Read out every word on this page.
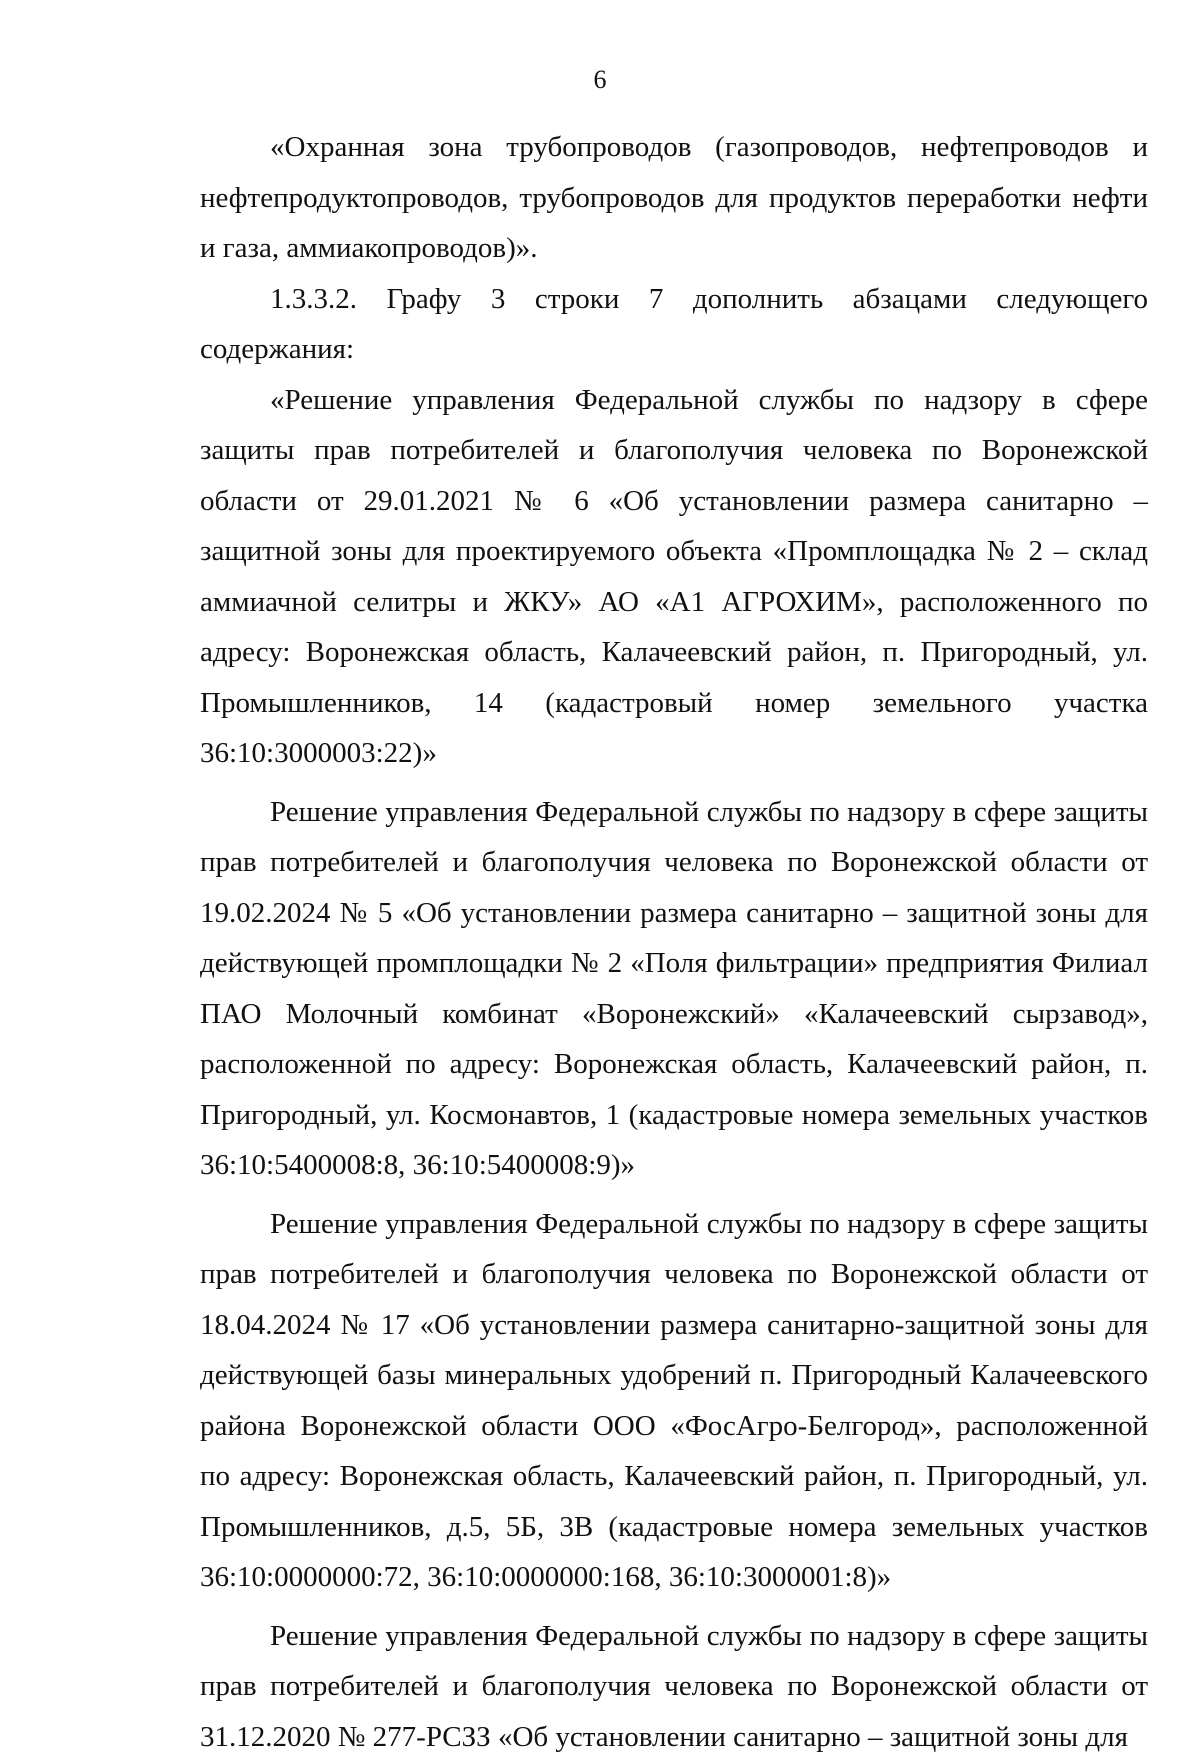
6

«Охранная зона трубопроводов (газопроводов, нефтепроводов и нефтепродуктопроводов, трубопроводов для продуктов переработки нефти и газа, аммиакопроводов)».

1.3.3.2. Графу 3 строки 7 дополнить абзацами следующего содержания:

«Решение управления Федеральной службы по надзору в сфере защиты прав потребителей и благополучия человека по Воронежской области от 29.01.2021 № 6 «Об установлении размера санитарно – защитной зоны для проектируемого объекта «Промплощадка № 2 – склад аммиачной селитры и ЖКУ» АО «А1 АГРОХИМ», расположенного по адресу: Воронежская область, Калачеевский район, п. Пригородный, ул. Промышленников, 14 (кадастровый номер земельного участка 36:10:3000003:22)»

Решение управления Федеральной службы по надзору в сфере защиты прав потребителей и благополучия человека по Воронежской области от 19.02.2024 № 5 «Об установлении размера санитарно – защитной зоны для действующей промплощадки № 2 «Поля фильтрации» предприятия Филиал ПАО Молочный комбинат «Воронежский» «Калачеевский сырзавод», расположенной по адресу: Воронежская область, Калачеевский район, п. Пригородный, ул. Космонавтов, 1 (кадастровые номера земельных участков 36:10:5400008:8, 36:10:5400008:9)»

Решение управления Федеральной службы по надзору в сфере защиты прав потребителей и благополучия человека по Воронежской области от 18.04.2024 № 17 «Об установлении размера санитарно-защитной зоны для действующей базы минеральных удобрений п. Пригородный Калачеевского района Воронежской области ООО «ФосАгро-Белгород», расположенной по адресу: Воронежская область, Калачеевский район, п. Пригородный, ул. Промышленников, д.5, 5Б, 3В (кадастровые номера земельных участков 36:10:0000000:72, 36:10:0000000:168, 36:10:3000001:8)»

Решение управления Федеральной службы по надзору в сфере защиты прав потребителей и благополучия человека по Воронежской области от 31.12.2020 № 277-РСЗЗ «Об установлении санитарно – защитной зоны для
